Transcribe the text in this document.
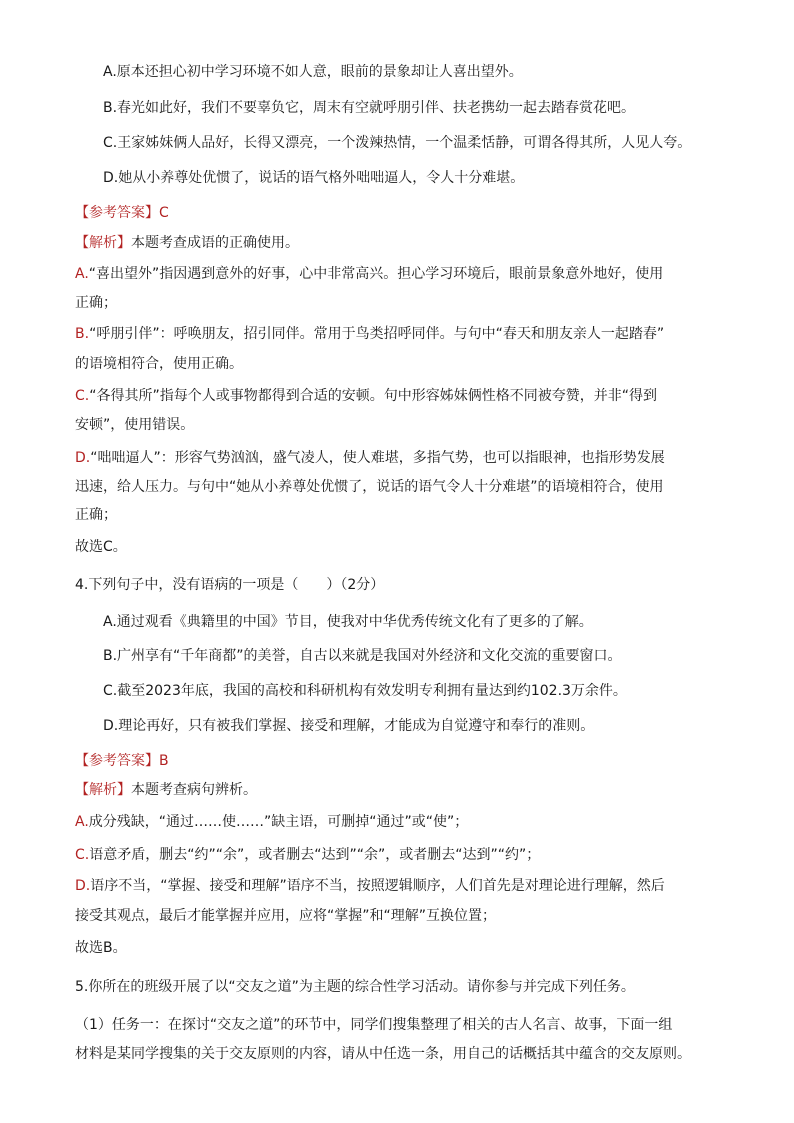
A.原本还担心初中学习环境不如人意，眼前的景象却让人喜出望外。
B.春光如此好，我们不要辜负它，周末有空就呼朋引伴、扶老携幼一起去踏春赏花吧。
C.王家姊妹俩人品好，长得又漂亮，一个泼辣热情，一个温柔恬静，可谓各得其所，人见人夸。
D.她从小养尊处优惯了，说话的语气格外咄咄逼人，令人十分难堪。
【参考答案】C
【解析】本题考查成语的正确使用。
A.“喜出望外”指因遇到意外的好事，心中非常高兴。担心学习环境后，眼前景象意外地好，使用
正确；
B.“呼朋引伴”：呼唤朋友，招引同伴。常用于鸟类招呼同伴。与句中“春天和朋友亲人一起踏春”
的语境相符合，使用正确。
C.“各得其所”指每个人或事物都得到合适的安顿。句中形容姊妹俩性格不同被夸赞，并非“得到
安顿”，使用错误。
D.“咄咄逼人”：形容气势汹汹，盛气凌人，使人难堪，多指气势，也可以指眼神，也指形势发展
迅速，给人压力。与句中“她从小养尊处优惯了，说话的语气令人十分难堪”的语境相符合，使用
正确；
故选C。
4.下列句子中，没有语病的一项是（　　）（2分）
A.通过观看《典籍里的中国》节目，使我对中华优秀传统文化有了更多的了解。
B.广州享有“千年商都”的美誉，自古以来就是我国对外经济和文化交流的重要窗口。
C.截至2023年底，我国的高校和科研机构有效发明专利拥有量达到约102.3万余件。
D.理论再好，只有被我们掌握、接受和理解，才能成为自觉遵守和奉行的准则。
【参考答案】B
【解析】本题考查病句辨析。
A.成分残缺，“通过……使……”缺主语，可删掉“通过”或“使”；
C.语意矛盾，删去“约”“余”，或者删去“达到”“余”，或者删去“达到”“约”；
D.语序不当，“掌握、接受和理解”语序不当，按照逻辑顺序，人们首先是对理论进行理解，然后
接受其观点，最后才能掌握并应用，应将“掌握”和“理解”互换位置；
故选B。
5.你所在的班级开展了以“交友之道”为主题的综合性学习活动。请你参与并完成下列任务。
（1）任务一：在探讨“交友之道”的环节中，同学们搜集整理了相关的古人名言、故事，下面一组
材料是某同学搜集的关于交友原则的内容，请从中任选一条，用自己的话概括其中蕴含的交友原则。
